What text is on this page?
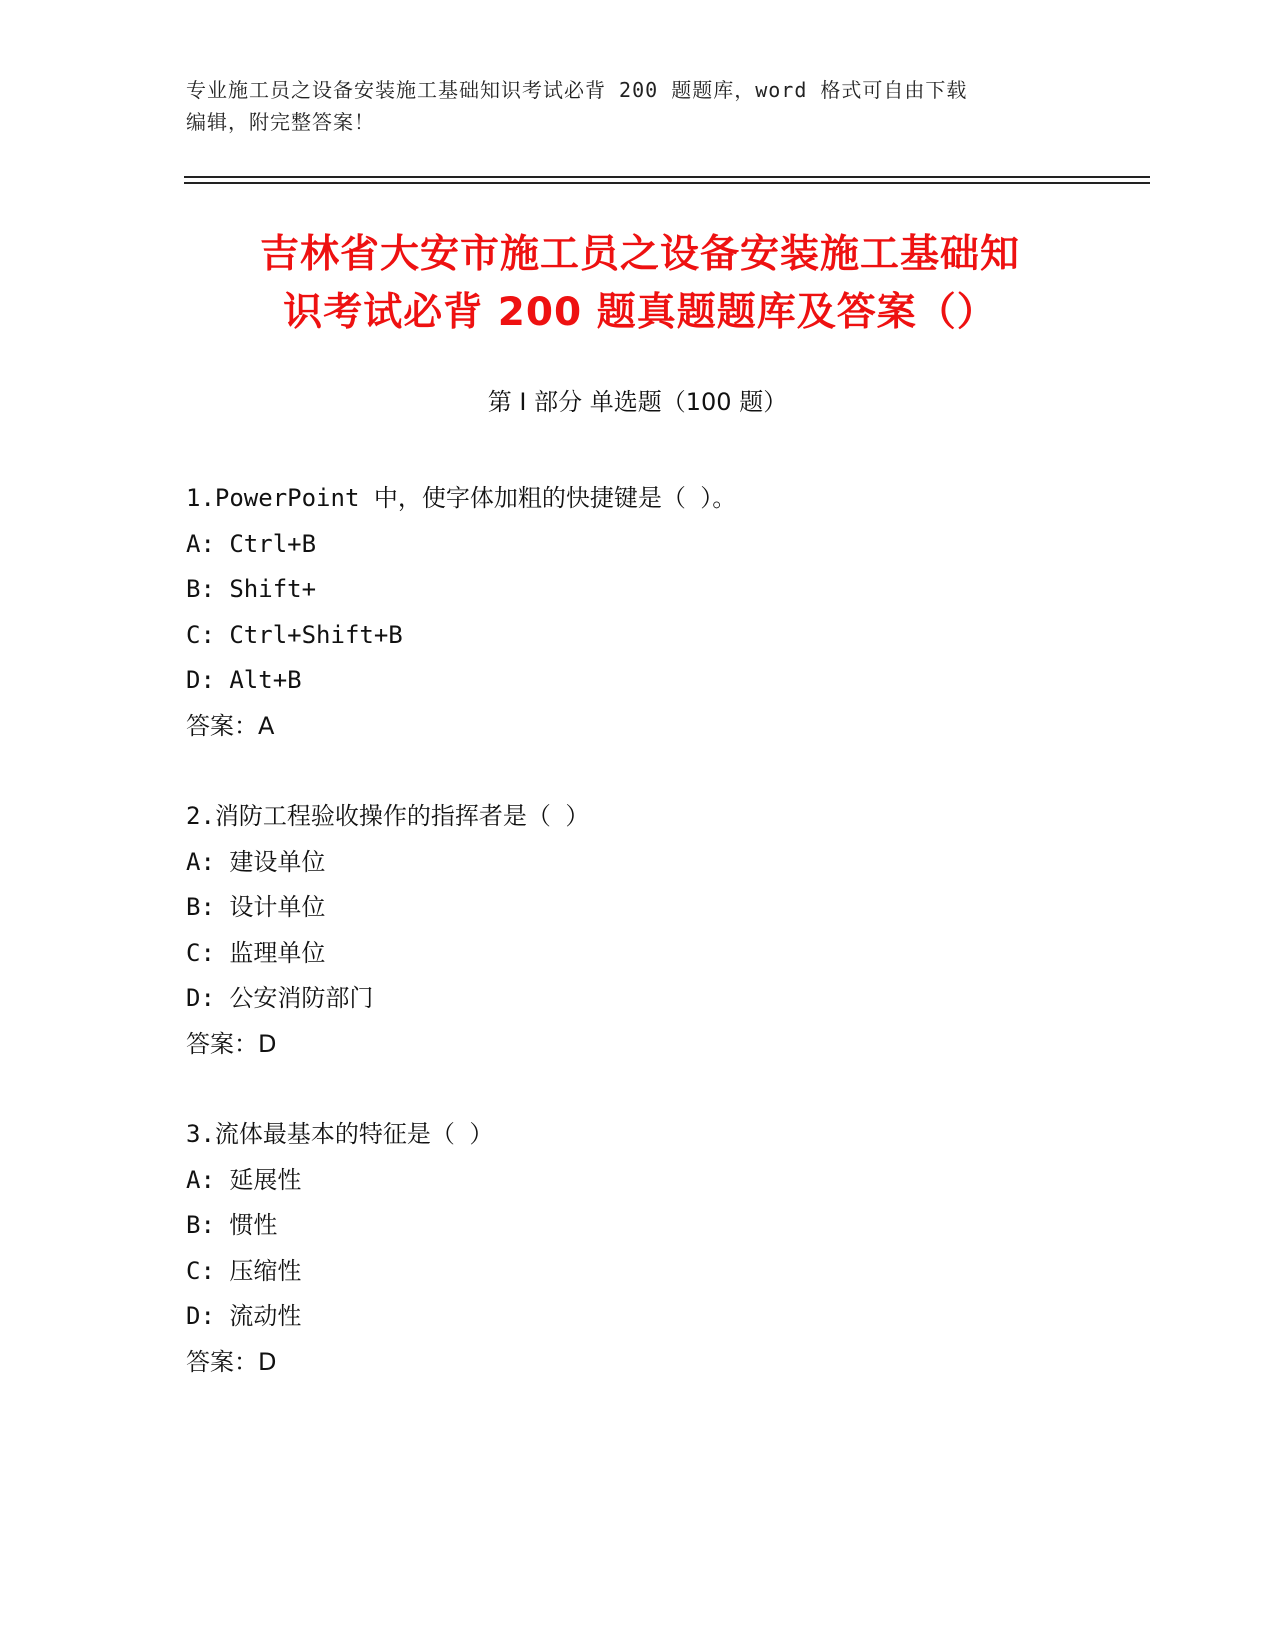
专业施工员之设备安装施工基础知识考试必背 200 题题库，word 格式可自由下载
编辑，附完整答案！
吉林省大安市施工员之设备安装施工基础知
识考试必背 200 题真题题库及答案（）
第 I 部分 单选题（100 题）
1.PowerPoint 中，使字体加粗的快捷键是（ ）。
A: Ctrl+B
B: Shift+
C: Ctrl+Shift+B
D: Alt+B
答案：A
2.消防工程验收操作的指挥者是（ ）
A: 建设单位
B: 设计单位
C: 监理单位
D: 公安消防部门
答案：D
3.流体最基本的特征是（ ）
A: 延展性
B: 惯性
C: 压缩性
D: 流动性
答案：D
